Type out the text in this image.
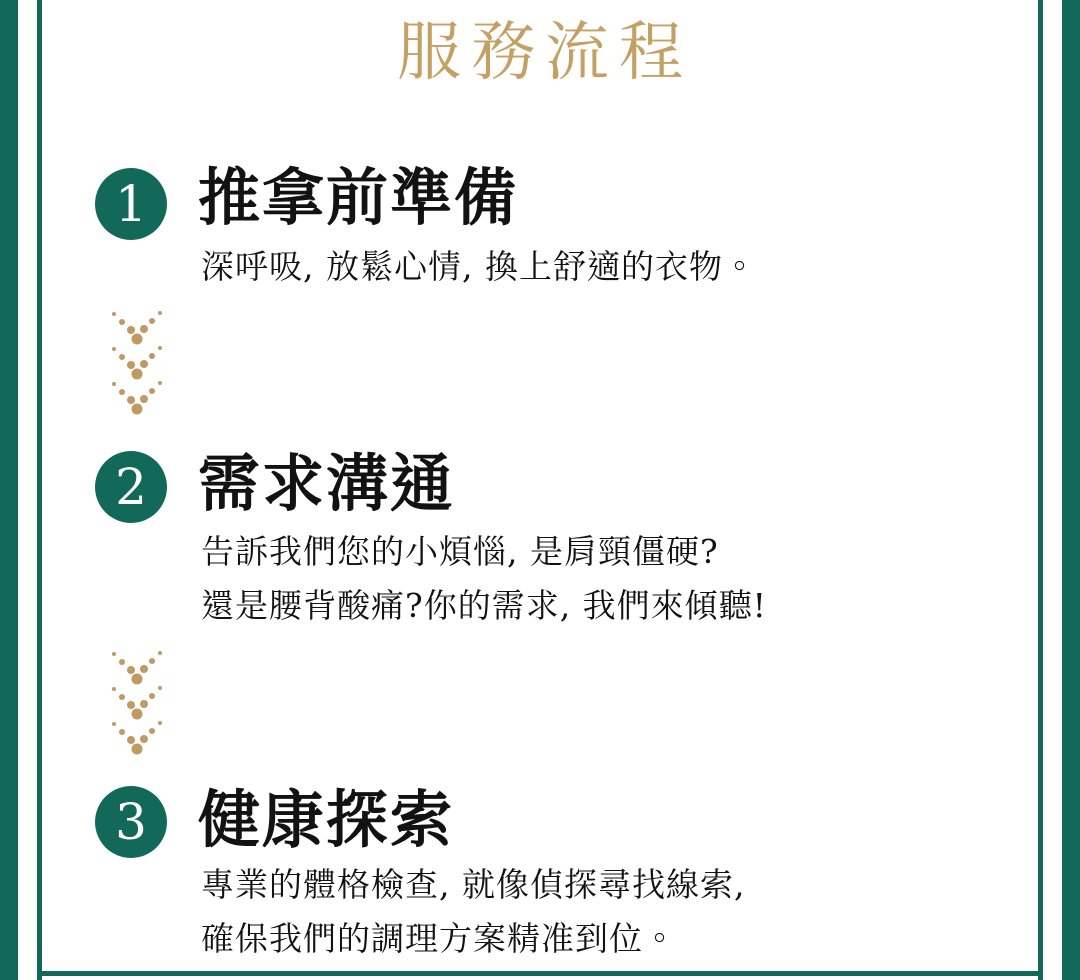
服務流程
1 推拿前準備
深呼吸, 放鬆心情, 換上舒適的衣物。
2 需求溝通
告訴我們您的小煩惱, 是肩頸僵硬?
還是腰背酸痛?你的需求, 我們來傾聽!
3 健康探索
專業的體格檢查, 就像偵探尋找線索,
確保我們的調理方案精准到位。
